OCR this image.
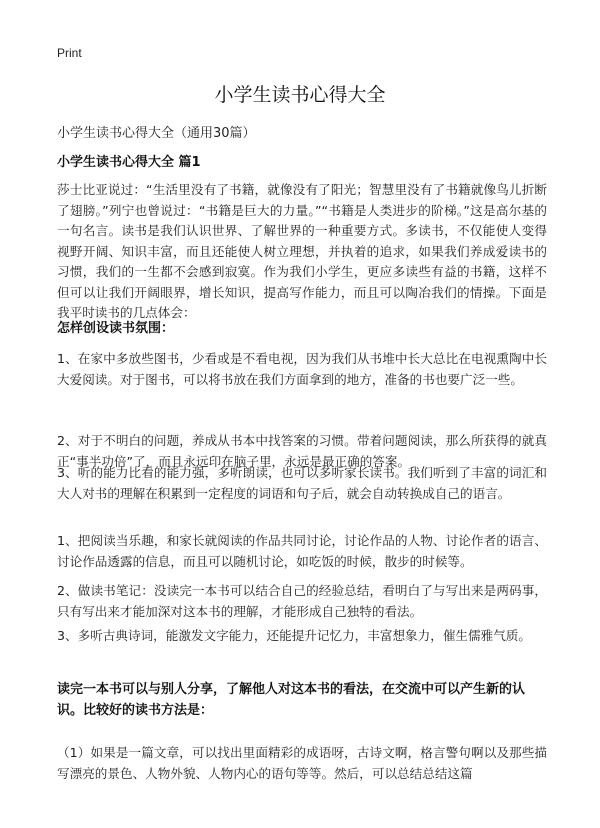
Print
小学生读书心得大全
小学生读书心得大全（通用30篇）
小学生读书心得大全 篇1
莎士比亚说过：“生活里没有了书籍，就像没有了阳光；智慧里没有了书籍就像鸟儿折断了翅膀。”列宁也曾说过：“书籍是巨大的力量。”“书籍是人类进步的阶梯。”这是高尔基的一句名言。读书是我们认识世界、了解世界的一种重要方式。多读书，不仅能使人变得视野开阔、知识丰富，而且还能使人树立理想，并执着的追求，如果我们养成爱读书的习惯，我们的一生都不会感到寂寞。作为我们小学生，更应多读些有益的书籍，这样不但可以让我们开阔眼界，增长知识，提高写作能力，而且可以陶冶我们的情操。下面是我平时读书的几点体会：
怎样创设读书氛围：
1、在家中多放些图书，少看或是不看电视，因为我们从书堆中长大总比在电视熏陶中长大爱阅读。对于图书，可以将书放在我们方面拿到的地方，准备的书也要广泛一些。
2、对于不明白的问题，养成从书本中找答案的习惯。带着问题阅读，那么所获得的就真正“事半功倍”了，而且永远印在脑子里，永远是最正确的答案。
3、听的能力比看的能力强，多听朗读，也可以多听家长读书。我们听到了丰富的词汇和大人对书的理解在积累到一定程度的词语和句子后，就会自动转换成自己的语言。
1、把阅读当乐趣，和家长就阅读的作品共同讨论，讨论作品的人物、讨论作者的语言、讨论作品透露的信息，而且可以随机讨论，如吃饭的时候，散步的时候等。
2、做读书笔记：没读完一本书可以结合自己的经验总结，看明白了与写出来是两码事，只有写出来才能加深对这本书的理解，才能形成自己独特的看法。
3、多听古典诗词，能激发文字能力，还能提升记忆力，丰富想象力，催生儒雅气质。
读完一本书可以与别人分享，了解他人对这本书的看法，在交流中可以产生新的认识。比较好的读书方法是：
（1）如果是一篇文章，可以找出里面精彩的成语呀，古诗文啊，格言警句啊以及那些描写漂亮的景色、人物外貌、人物内心的语句等等。然后，可以总结总结这篇
